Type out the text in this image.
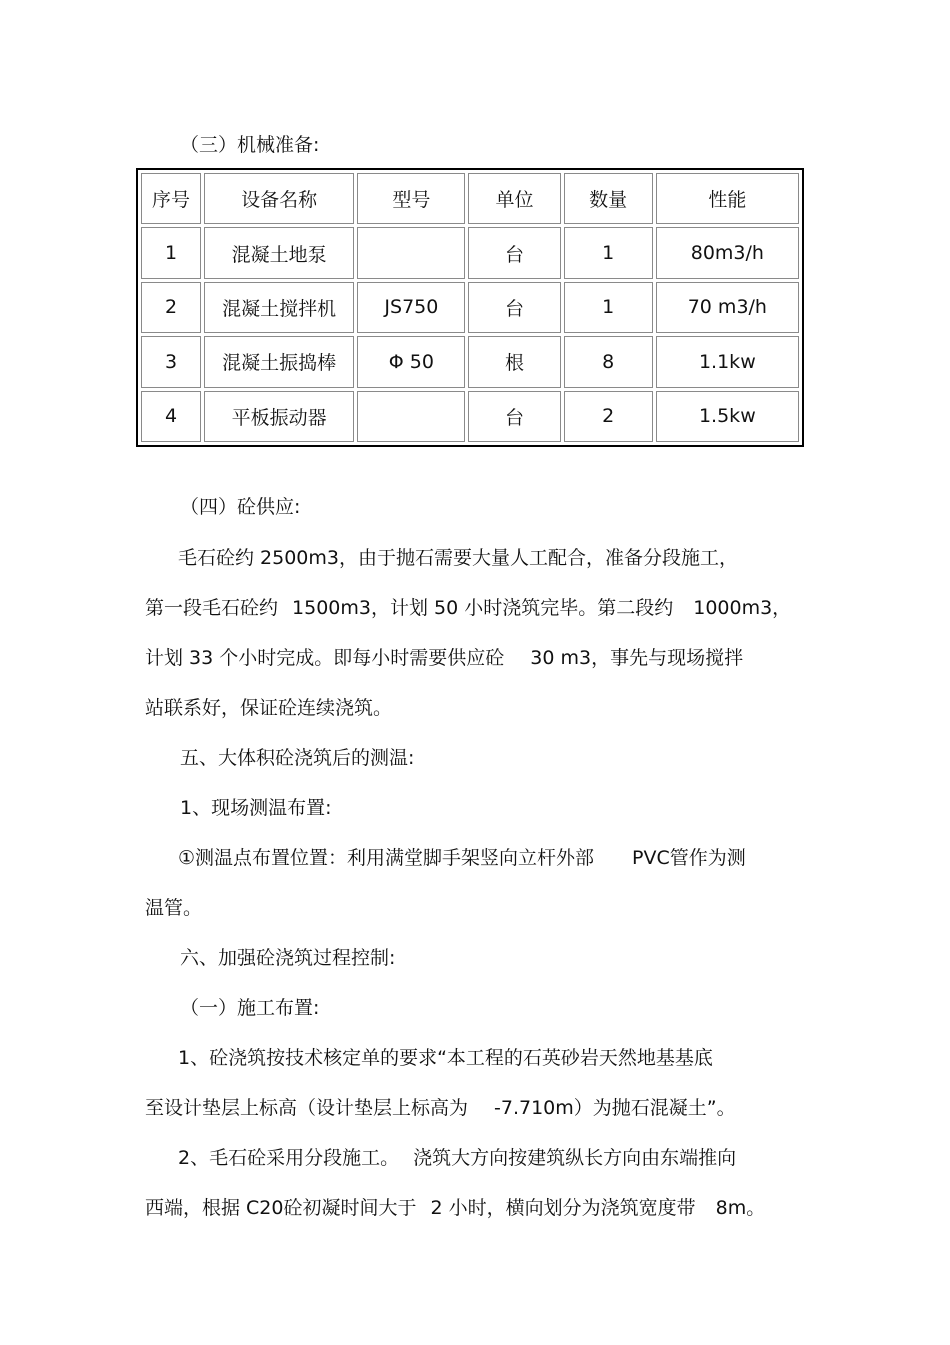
（三）机械准备:
序号	设备名称	型号	单位	数量	性能
1	混凝土地泵		台	1	80m3/h
2	混凝土搅拌机	JS750	台	1	70 m3/h
3	混凝土振捣棒	Φ 50	根	8	1.1kw
4	平板振动器		台	2	1.5kw
（四）砼供应:
毛石砼约 2500m3，由于抛石需要大量人工配合，准备分段施工，
第一段毛石砼约 1500m3，计划 50 小时浇筑完毕。第二段约 1000m3，
计划 33 个小时完成。即每小时需要供应砼 30 m3，事先与现场搅拌
站联系好，保证砼连续浇筑。
五、大体积砼浇筑后的测温:
1、现场测温布置:
①测温点布置位置：利用满堂脚手架竖向立杆外部 PVC管作为测
温管。
六、加强砼浇筑过程控制:
（一）施工布置:
1、砼浇筑按技术核定单的要求“本工程的石英砂岩天然地基基底
至设计垫层上标高（设计垫层上标高为 -7.710m）为抛石混凝土”。
2、毛石砼采用分段施工。 浇筑大方向按建筑纵长方向由东端推向
西端，根据 C20砼初凝时间大于 2 小时，横向划分为浇筑宽度带 8m。
